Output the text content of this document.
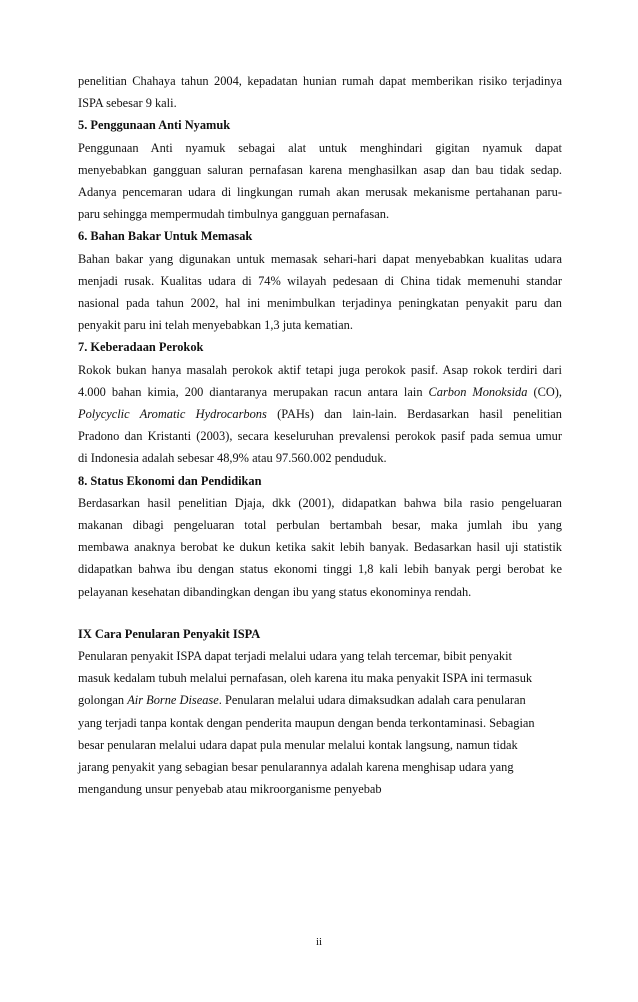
penelitian Chahaya tahun 2004, kepadatan hunian rumah dapat memberikan risiko terjadinya
ISPA sebesar 9 kali.
5. Penggunaan Anti Nyamuk
Penggunaan Anti nyamuk sebagai alat untuk menghindari gigitan nyamuk dapat
menyebabkan gangguan saluran pernafasan karena menghasilkan asap dan bau tidak sedap.
Adanya pencemaran udara di lingkungan rumah akan merusak mekanisme pertahanan paru-
paru sehingga mempermudah timbulnya gangguan pernafasan.
6. Bahan Bakar Untuk Memasak
Bahan bakar yang digunakan untuk memasak sehari-hari dapat menyebabkan kualitas udara
menjadi rusak. Kualitas udara di 74% wilayah pedesaan di China tidak memenuhi standar
nasional pada tahun 2002, hal ini menimbulkan terjadinya peningkatan penyakit paru dan
penyakit paru ini telah menyebabkan 1,3 juta kematian.
7. Keberadaan Perokok
Rokok bukan hanya masalah perokok aktif tetapi juga perokok pasif. Asap rokok terdiri dari
4.000 bahan kimia, 200 diantaranya merupakan racun antara lain Carbon Monoksida (CO),
Polycyclic Aromatic Hydrocarbons (PAHs) dan lain-lain. Berdasarkan hasil penelitian
Pradono dan Kristanti (2003), secara keseluruhan prevalensi perokok pasif pada semua umur
di Indonesia adalah sebesar 48,9% atau 97.560.002 penduduk.
8. Status Ekonomi dan Pendidikan
Berdasarkan hasil penelitian Djaja, dkk (2001), didapatkan bahwa bila rasio pengeluaran
makanan dibagi pengeluaran total perbulan bertambah besar, maka jumlah ibu yang
membawa anaknya berobat ke dukun ketika sakit lebih banyak. Bedasarkan hasil uji statistik
didapatkan bahwa ibu dengan status ekonomi tinggi 1,8 kali lebih banyak pergi berobat ke
pelayanan kesehatan dibandingkan dengan ibu yang status ekonominya rendah.
IX Cara Penularan Penyakit ISPA
Penularan penyakit ISPA dapat terjadi melalui udara yang telah tercemar, bibit penyakit
masuk kedalam tubuh melalui pernafasan, oleh karena itu maka penyakit ISPA ini termasuk
golongan Air Borne Disease. Penularan melalui udara dimaksudkan adalah cara penularan
yang terjadi tanpa kontak dengan penderita maupun dengan benda terkontaminasi. Sebagian
besar penularan melalui udara dapat pula menular melalui kontak langsung, namun tidak
jarang penyakit yang sebagian besar penularannya adalah karena menghisap udara yang
mengandung unsur penyebab atau mikroorganisme penyebab
ii
